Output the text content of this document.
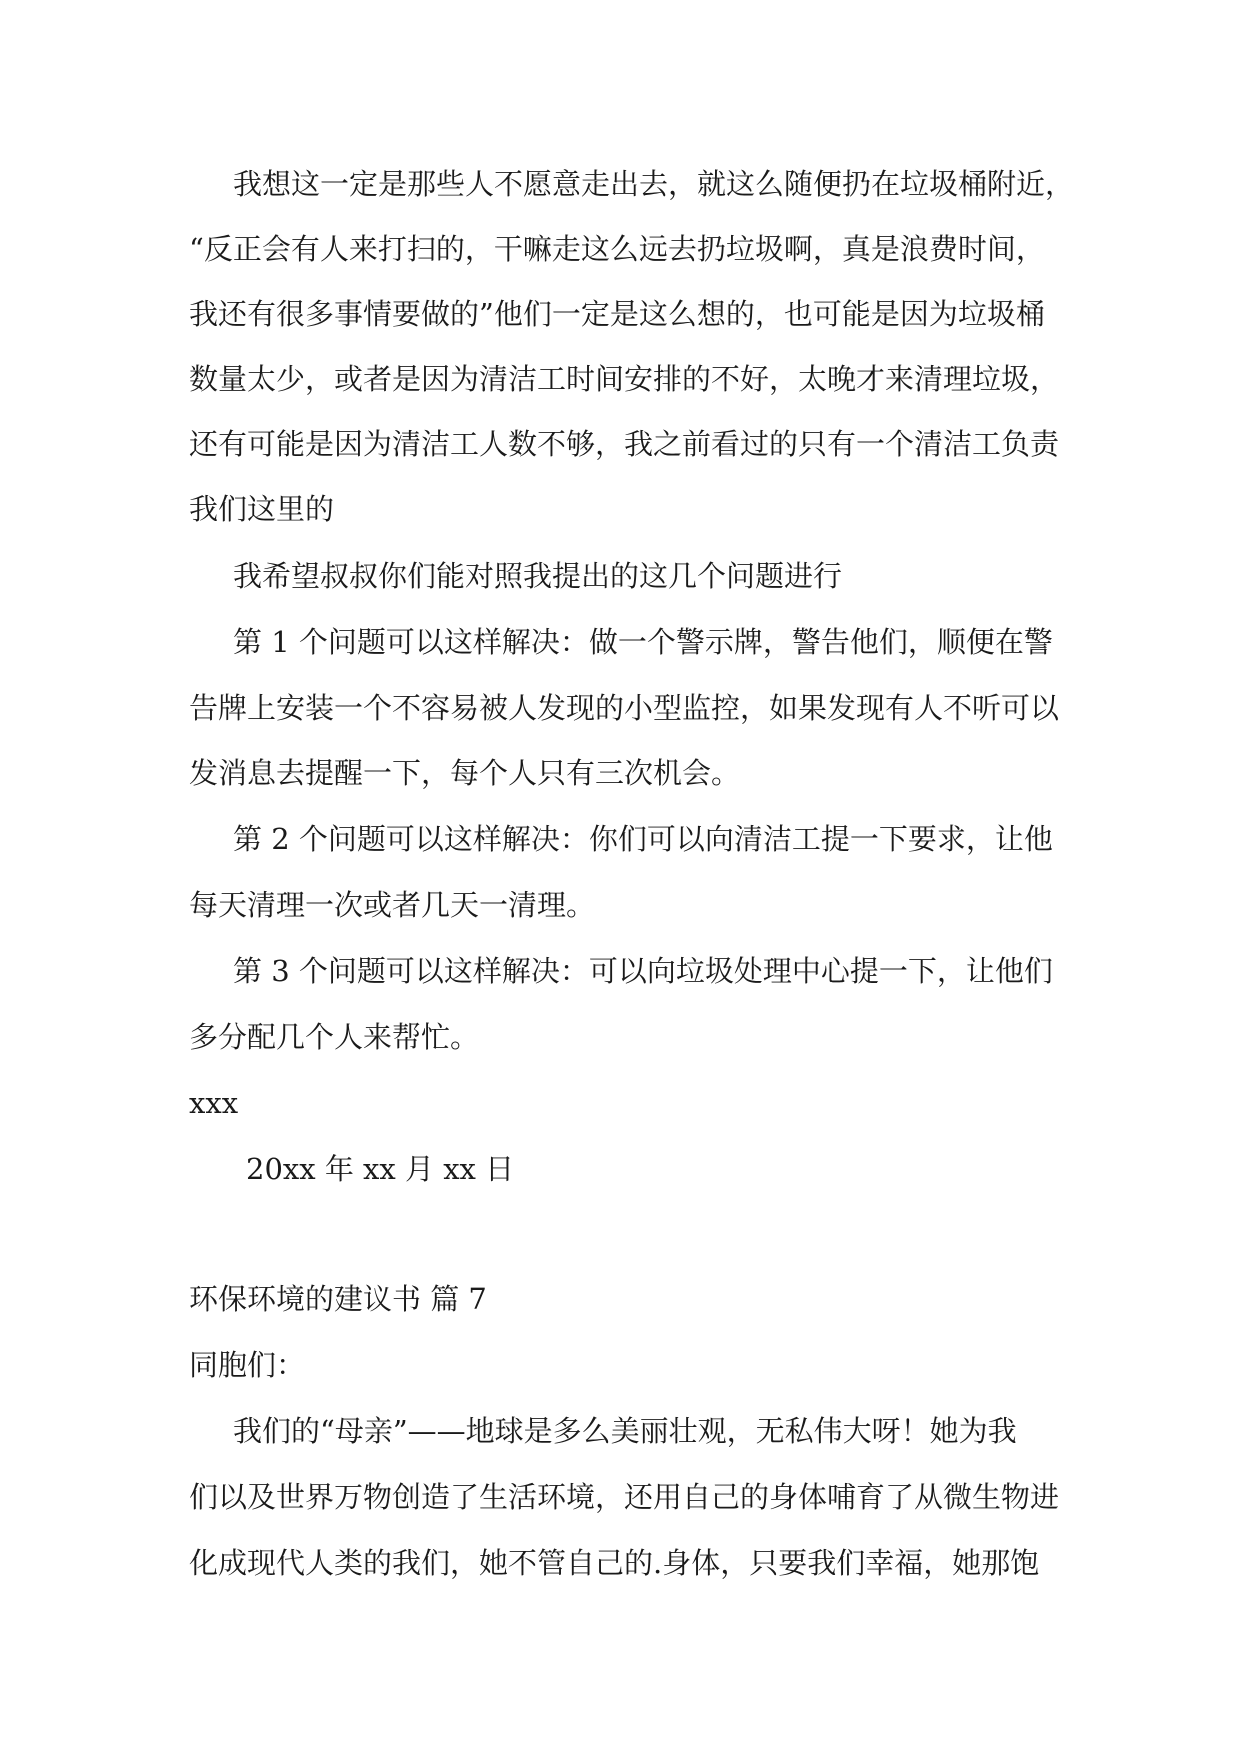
我想这一定是那些人不愿意走出去，就这么随便扔在垃圾桶附近，
“反正会有人来打扫的，干嘛走这么远去扔垃圾啊，真是浪费时间，
我还有很多事情要做的”他们一定是这么想的，也可能是因为垃圾桶
数量太少，或者是因为清洁工时间安排的不好，太晚才来清理垃圾，
还有可能是因为清洁工人数不够，我之前看过的只有一个清洁工负责
我们这里的
我希望叔叔你们能对照我提出的这几个问题进行
第 1 个问题可以这样解决：做一个警示牌，警告他们，顺便在警
告牌上安装一个不容易被人发现的小型监控，如果发现有人不听可以
发消息去提醒一下，每个人只有三次机会。
第 2 个问题可以这样解决：你们可以向清洁工提一下要求，让他
每天清理一次或者几天一清理。
第 3 个问题可以这样解决：可以向垃圾处理中心提一下，让他们
多分配几个人来帮忙。
xxx
20xx 年 xx 月 xx 日
环保环境的建议书 篇 7
同胞们：
我们的“母亲”——地球是多么美丽壮观，无私伟大呀！她为我
们以及世界万物创造了生活环境，还用自己的身体哺育了从微生物进
化成现代人类的我们，她不管自己的.身体，只要我们幸福，她那饱
